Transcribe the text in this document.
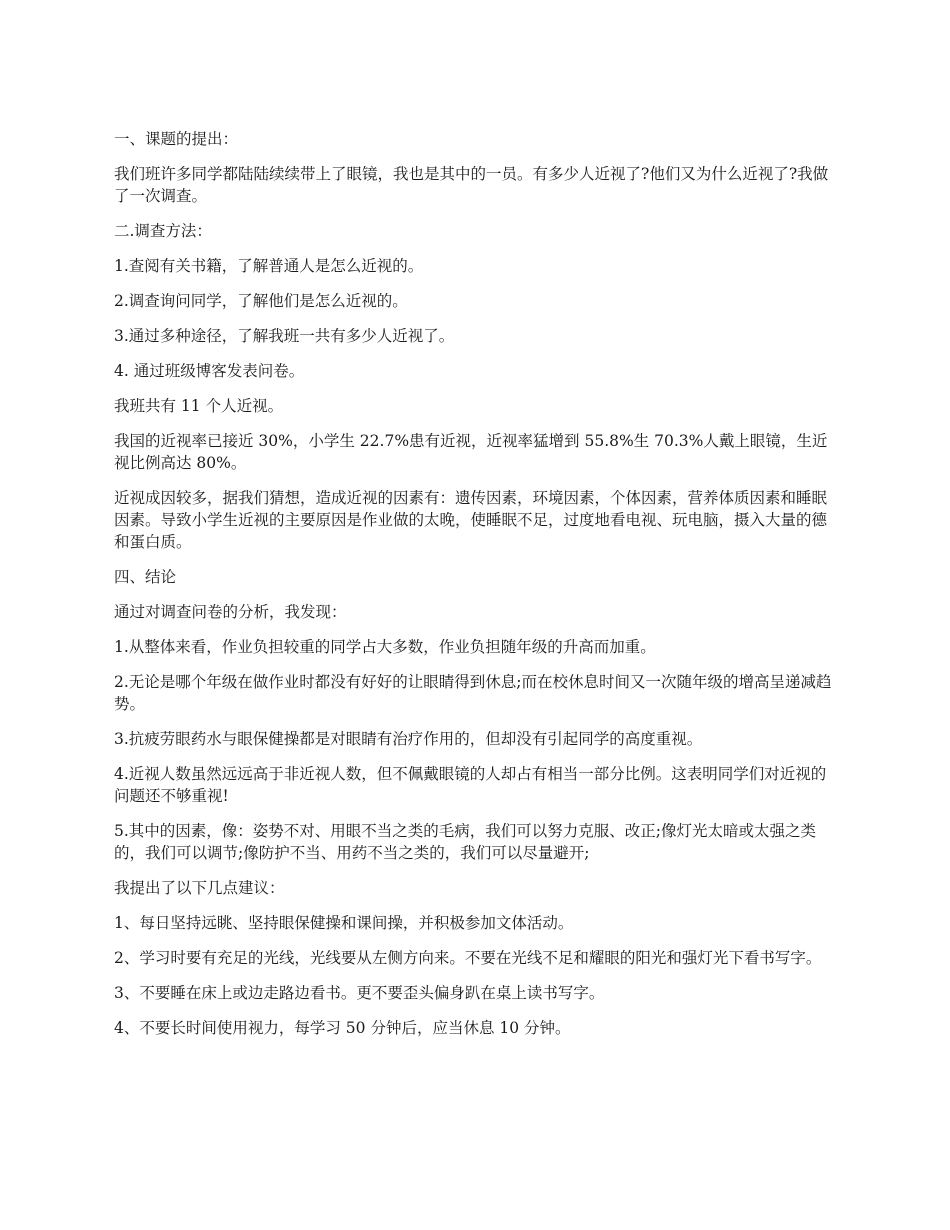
一、课题的提出：

我们班许多同学都陆陆续续带上了眼镜，我也是其中的一员。有多少人近视了?他们又为什么近视了?我做了一次调查。

二.调查方法：

1.查阅有关书籍，了解普通人是怎么近视的。

2.调查询问同学，了解他们是怎么近视的。

3.通过多种途径，了解我班一共有多少人近视了。

4. 通过班级博客发表问卷。

我班共有 11 个人近视。

我国的近视率已接近 30%，小学生 22.7%患有近视，近视率猛增到 55.8%生 70.3%人戴上眼镜，生近视比例高达 80%。

近视成因较多，据我们猜想，造成近视的因素有：遗传因素，环境因素，个体因素，营养体质因素和睡眠因素。导致小学生近视的主要原因是作业做的太晚，使睡眠不足，过度地看电视、玩电脑，摄入大量的德和蛋白质。

四、结论

通过对调查问卷的分析，我发现：

1.从整体来看，作业负担较重的同学占大多数，作业负担随年级的升高而加重。

2.无论是哪个年级在做作业时都没有好好的让眼睛得到休息;而在校休息时间又一次随年级的增高呈递减趋势。

3.抗疲劳眼药水与眼保健操都是对眼睛有治疗作用的，但却没有引起同学的高度重视。

4.近视人数虽然远远高于非近视人数，但不佩戴眼镜的人却占有相当一部分比例。这表明同学们对近视的问题还不够重视!

5.其中的因素，像：姿势不对、用眼不当之类的毛病，我们可以努力克服、改正;像灯光太暗或太强之类的，我们可以调节;像防护不当、用药不当之类的，我们可以尽量避开;

我提出了以下几点建议：

1、每日坚持远眺、坚持眼保健操和课间操，并积极参加文体活动。

2、学习时要有充足的光线，光线要从左侧方向来。不要在光线不足和耀眼的阳光和强灯光下看书写字。

3、不要睡在床上或边走路边看书。更不要歪头偏身趴在桌上读书写字。

4、不要长时间使用视力，每学习 50 分钟后，应当休息 10 分钟。
